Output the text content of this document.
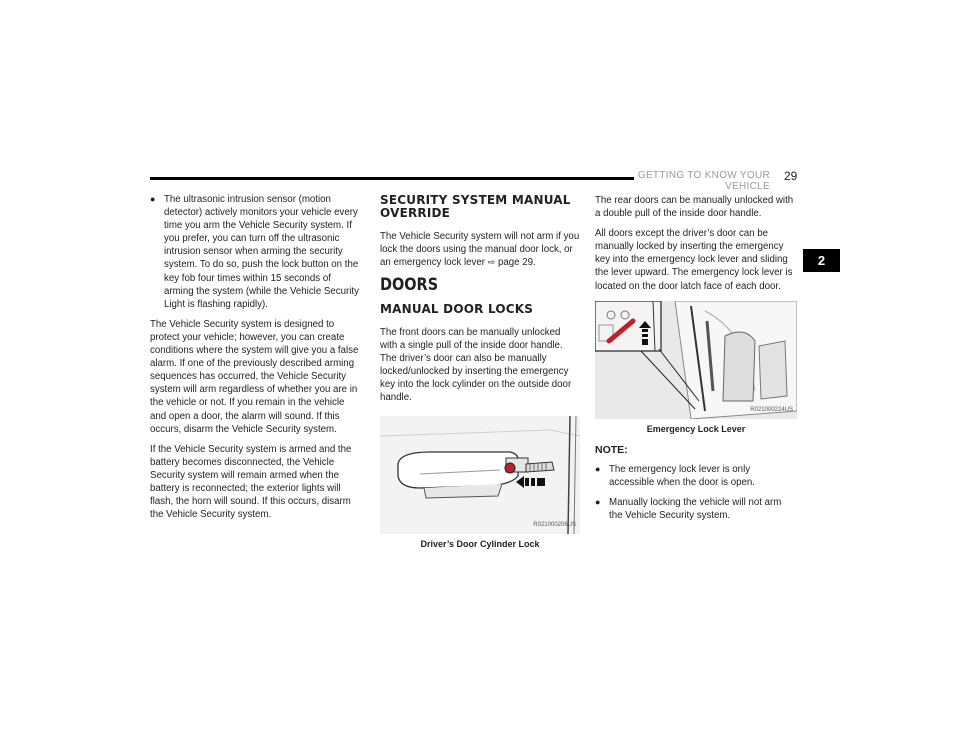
GETTING TO KNOW YOUR VEHICLE
29
2
● The ultrasonic intrusion sensor (motion detector) actively monitors your vehicle every time you arm the Vehicle Security system. If you prefer, you can turn off the ultrasonic intrusion sensor when arming the security system. To do so, push the lock button on the key fob four times within 15 seconds of arming the system (while the Vehicle Security Light is flashing rapidly).

The Vehicle Security system is designed to protect your vehicle; however, you can create conditions where the system will give you a false alarm. If one of the previously described arming sequences has occurred, the Vehicle Security system will arm regardless of whether you are in the vehicle or not. If you remain in the vehicle and open a door, the alarm will sound. If this occurs, disarm the Vehicle Security system.

If the Vehicle Security system is armed and the battery becomes disconnected, the Vehicle Security system will remain armed when the battery is reconnected; the exterior lights will flash, the horn will sound. If this occurs, disarm the Vehicle Security system.

SECURITY SYSTEM MANUAL OVERRIDE

The Vehicle Security system will not arm if you lock the doors using the manual door lock, or an emergency lock lever ⇨ page 29.

DOORS
MANUAL DOOR LOCKS

The front doors can be manually unlocked with a single pull of the inside door handle. The driver’s door can also be manually locked/unlocked by inserting the emergency key into the lock cylinder on the outside door handle.

R021000206US
Driver’s Door Cylinder Lock

The rear doors can be manually unlocked with a double pull of the inside door handle.

All doors except the driver’s door can be manually locked by inserting the emergency key into the emergency lock lever and sliding the lever upward. The emergency lock lever is located on the door latch face of each door.

R021000224US
Emergency Lock Lever
NOTE:
● The emergency lock lever is only accessible when the door is open.
● Manually locking the vehicle will not arm the Vehicle Security system.
